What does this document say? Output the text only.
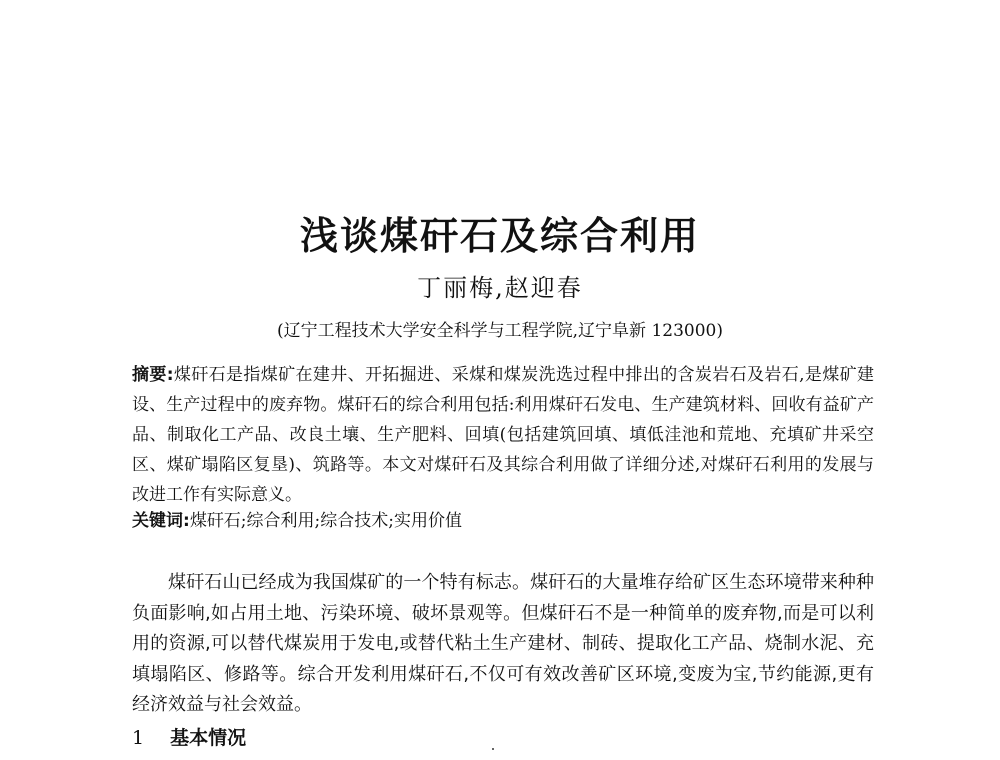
浅谈煤矸石及综合利用
丁丽梅,赵迎春
(辽宁工程技术大学安全科学与工程学院,辽宁阜新 123000)

摘要:煤矸石是指煤矿在建井、开拓掘进、采煤和煤炭洗选过程中排出的含炭岩石及岩石,是煤矿建设、生产过程中的废弃物。煤矸石的综合利用包括:利用煤矸石发电、生产建筑材料、回收有益矿产品、制取化工产品、改良土壤、生产肥料、回填(包括建筑回填、填低洼池和荒地、充填矿井采空区、煤矿塌陷区复垦)、筑路等。本文对煤矸石及其综合利用做了详细分述,对煤矸石利用的发展与改进工作有实际意义。

关键词:煤矸石;综合利用;综合技术;实用价值

煤矸石山已经成为我国煤矿的一个特有标志。煤矸石的大量堆存给矿区生态环境带来种种负面影响,如占用土地、污染环境、破坏景观等。但煤矸石不是一种简单的废弃物,而是可以利用的资源,可以替代煤炭用于发电,或替代粘土生产建材、制砖、提取化工产品、烧制水泥、充填塌陷区、修路等。综合开发利用煤矸石,不仅可有效改善矿区环境,变废为宝,节约能源,更有经济效益与社会效益。

1 基本情况
